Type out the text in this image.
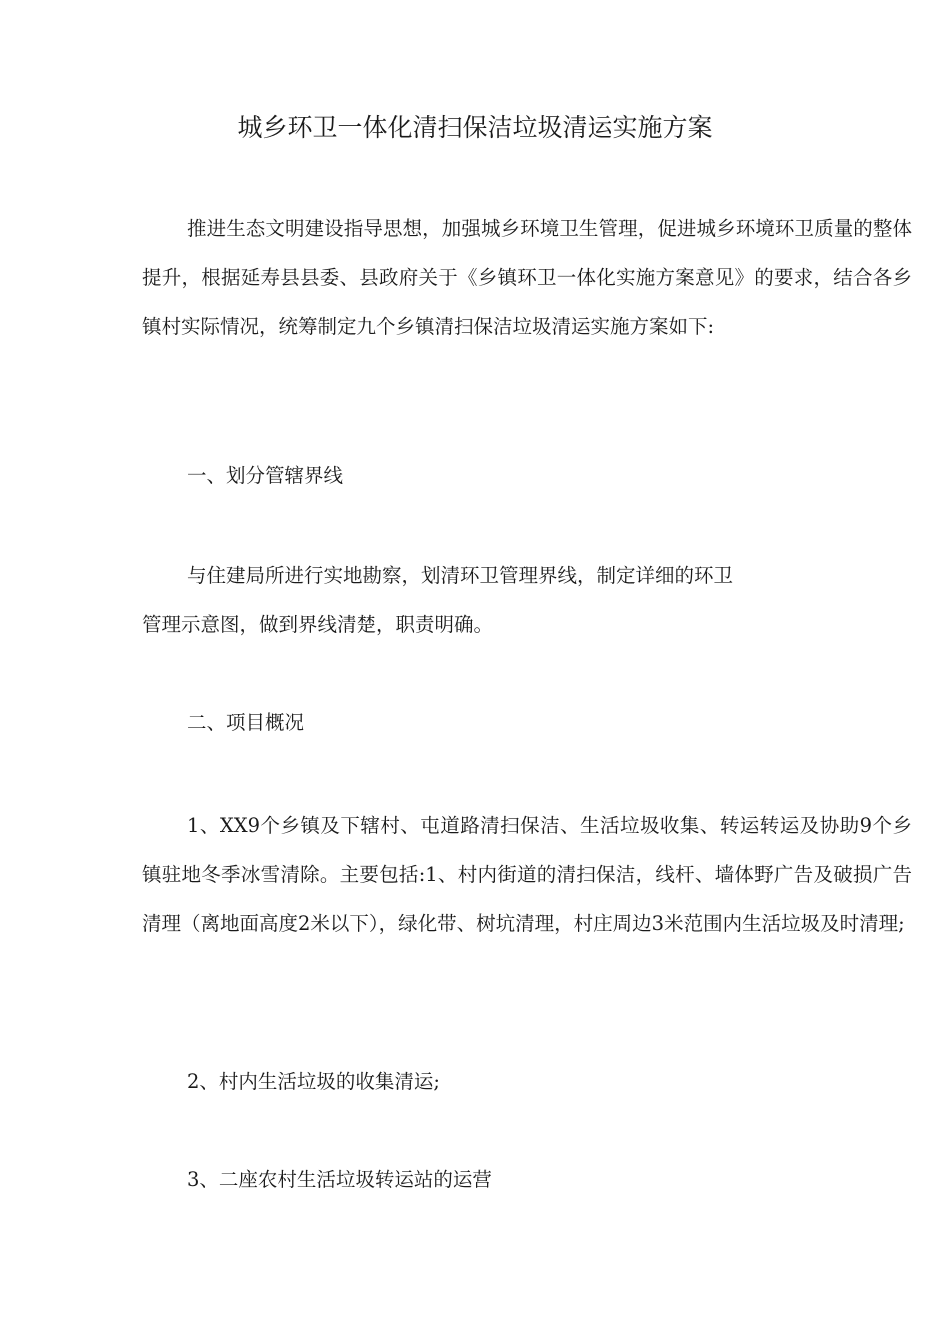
城乡环卫一体化清扫保洁垃圾清运实施方案

推进生态文明建设指导思想，加强城乡环境卫生管理，促进城乡环境环卫质量的整体提升，根据延寿县县委、县政府关于《乡镇环卫一体化实施方案意见》的要求，结合各乡镇村实际情况，统筹制定九个乡镇清扫保洁垃圾清运实施方案如下:

一、划分管辖界线

与住建局所进行实地勘察，划清环卫管理界线，制定详细的环卫
管理示意图，做到界线清楚，职责明确。

二、项目概况

1、XX9个乡镇及下辖村、屯道路清扫保洁、生活垃圾收集、转运转运及协助9个乡镇驻地冬季冰雪清除。主要包括:1、村内街道的清扫保洁，线杆、墙体野广告及破损广告清理（离地面高度2米以下），绿化带、树坑清理，村庄周边3米范围内生活垃圾及时清理;

2、村内生活垃圾的收集清运;

3、二座农村生活垃圾转运站的运营
